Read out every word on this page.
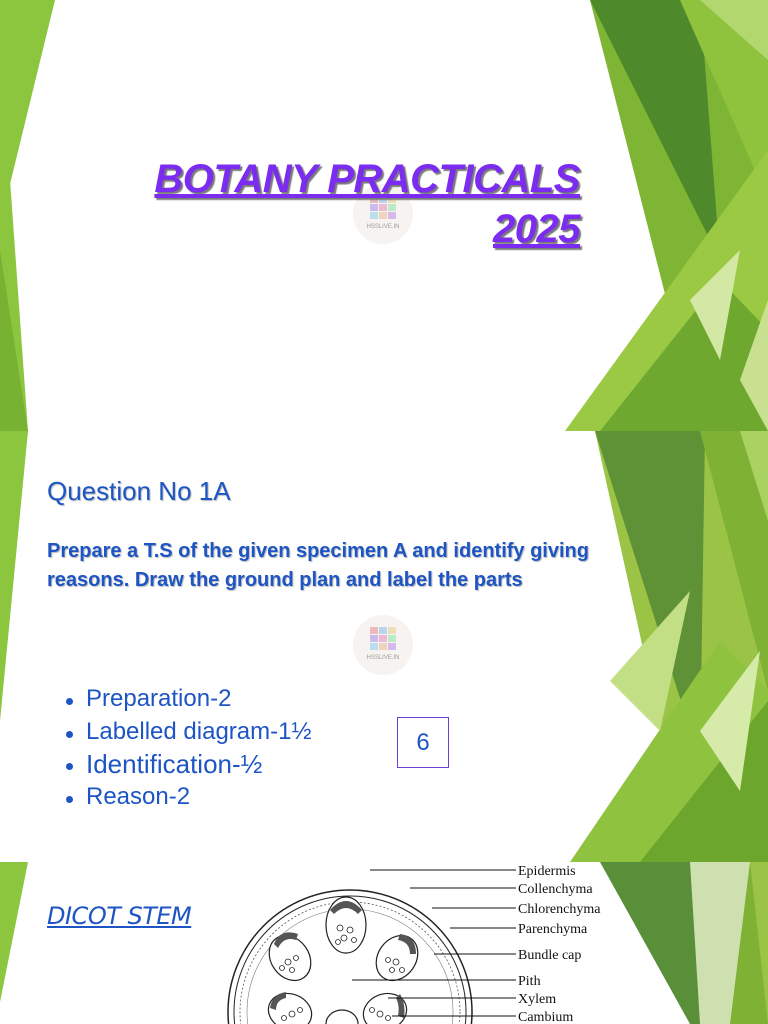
HSSLIVE.IN
BOTANY PRACTICALS
2025
Question No 1A
Prepare a T.S of the given specimen A and identify giving reasons. Draw the ground plan and label the parts
HSSLIVE.IN
Preparation-2
Labelled diagram-1½
Identification-½
Reason-2
6
DICOT STEM
Epidermis
Collenchyma
Chlorenchyma
Parenchyma
Bundle cap
Pith
Xylem
Cambium
